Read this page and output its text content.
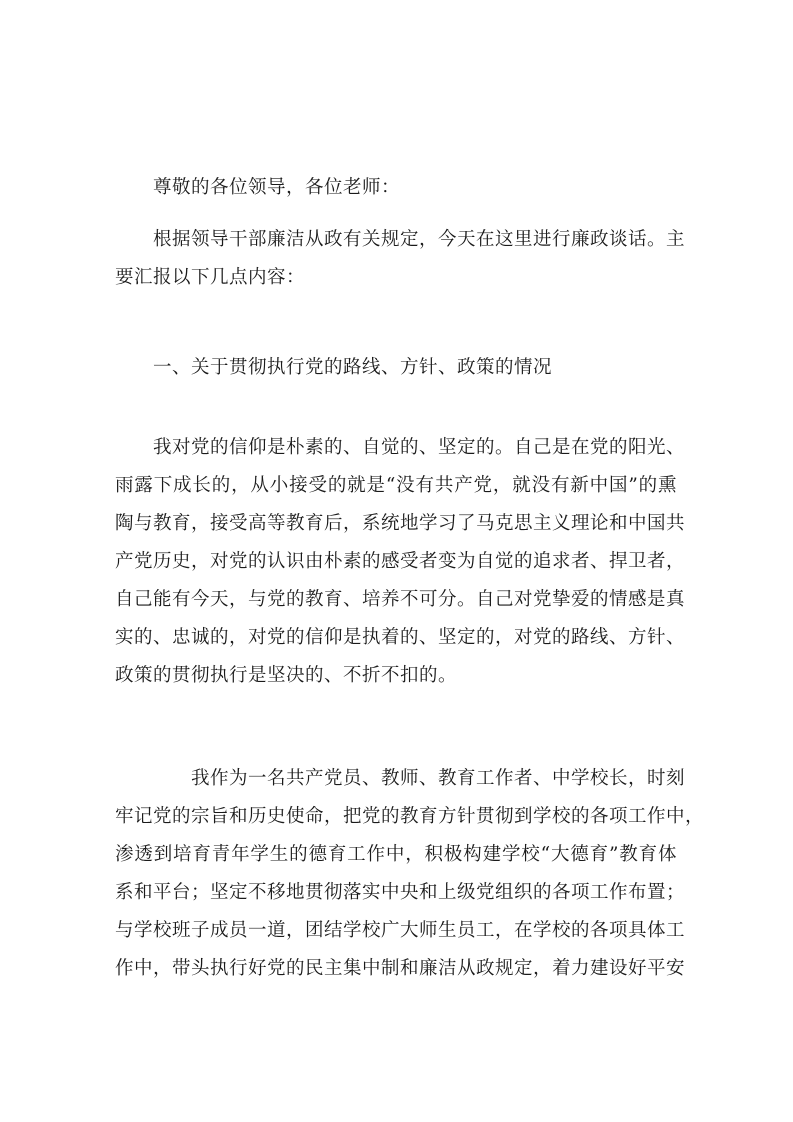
尊敬的各位领导，各位老师：
根据领导干部廉洁从政有关规定，今天在这里进行廉政谈话。主
要汇报以下几点内容：
一、关于贯彻执行党的路线、方针、政策的情况
我对党的信仰是朴素的、自觉的、坚定的。自己是在党的阳光、
雨露下成长的，从小接受的就是“没有共产党，就没有新中国”的熏
陶与教育，接受高等教育后，系统地学习了马克思主义理论和中国共
产党历史，对党的认识由朴素的感受者变为自觉的追求者、捍卫者，
自己能有今天，与党的教育、培养不可分。自己对党挚爱的情感是真
实的、忠诚的，对党的信仰是执着的、坚定的，对党的路线、方针、
政策的贯彻执行是坚决的、不折不扣的。
我作为一名共产党员、教师、教育工作者、中学校长，时刻
牢记党的宗旨和历史使命，把党的教育方针贯彻到学校的各项工作中，
渗透到培育青年学生的德育工作中，积极构建学校“大德育”教育体
系和平台；坚定不移地贯彻落实中央和上级党组织的各项工作布置；
与学校班子成员一道，团结学校广大师生员工，在学校的各项具体工
作中，带头执行好党的民主集中制和廉洁从政规定，着力建设好平安
